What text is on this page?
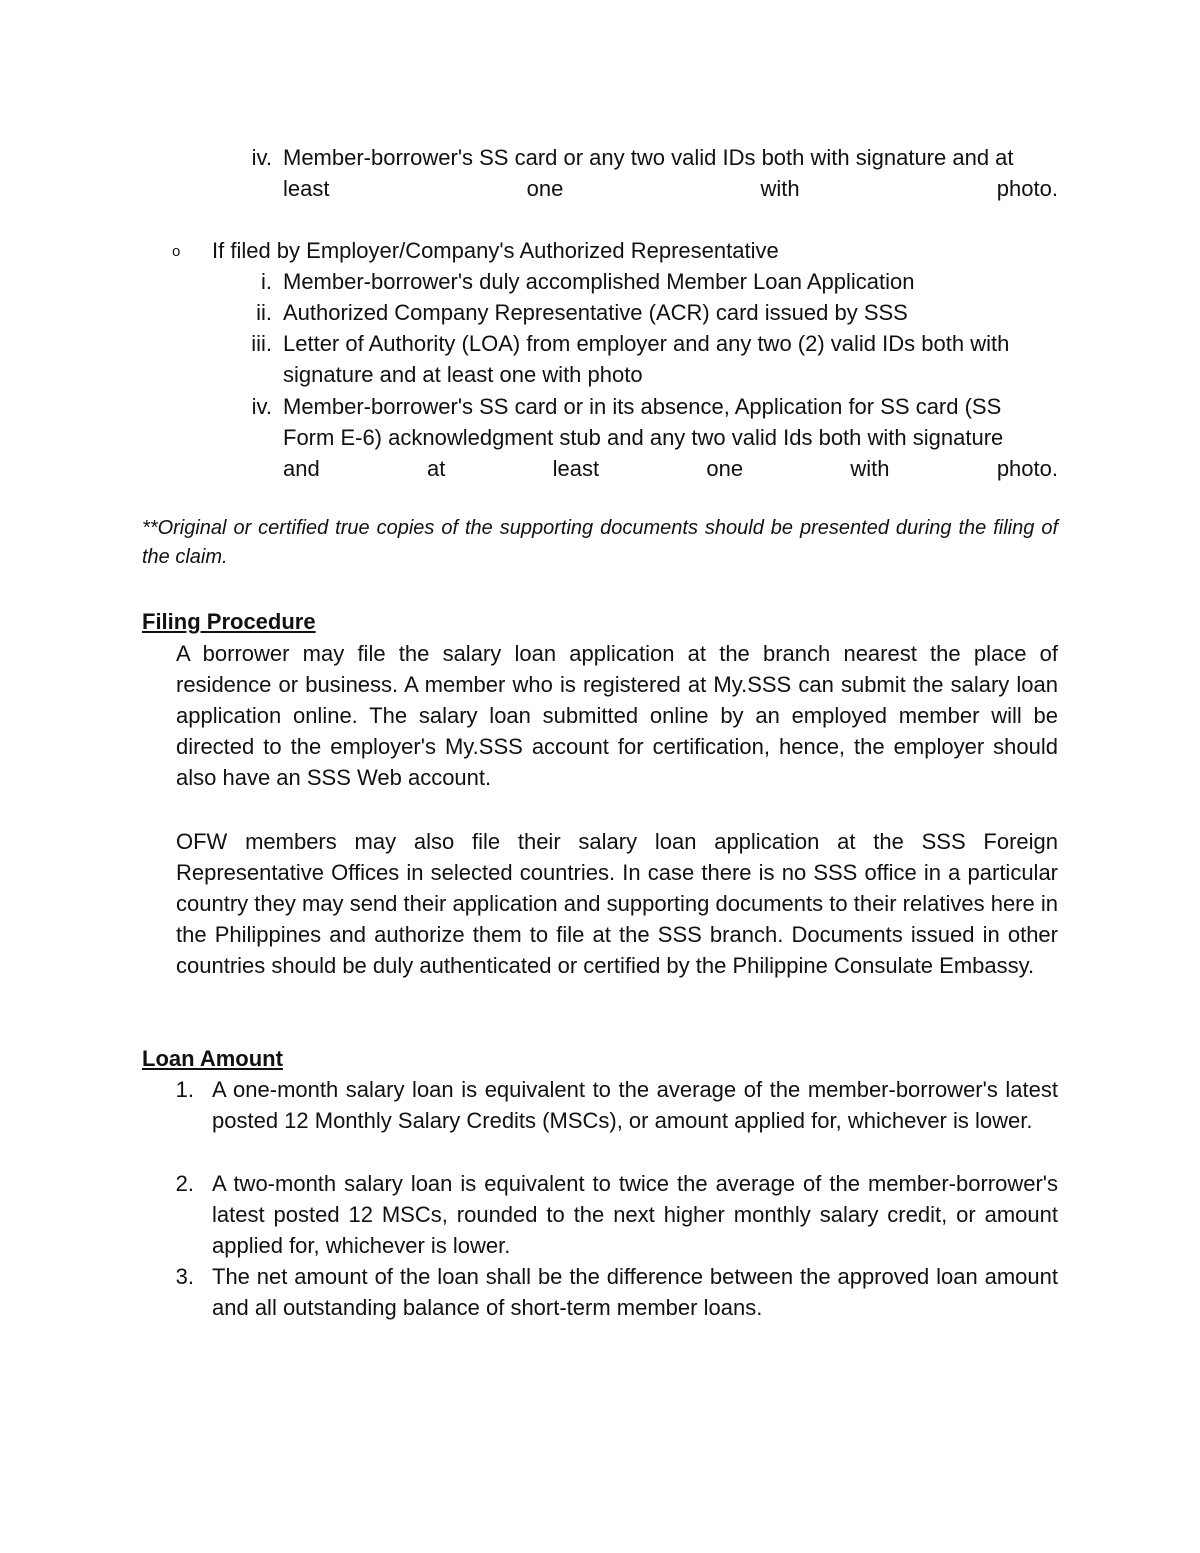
iv. Member-borrower's SS card or any two valid IDs both with signature and at
least	one	with	photo.
o If filed by Employer/Company's Authorized Representative
i. Member-borrower's duly accomplished Member Loan Application
ii. Authorized Company Representative (ACR) card issued by SSS
iii. Letter of Authority (LOA) from employer and any two (2) valid IDs both with
signature and at least one with photo
iv. Member-borrower's SS card or in its absence, Application for SS card (SS
Form E-6) acknowledgment stub and any two valid Ids both with signature
and	at	least	one	with	photo.
**Original or certified true copies of the supporting documents should be presented during the filing of the claim.
Filing Procedure
A borrower may file the salary loan application at the branch nearest the place of residence or business. A member who is registered at My.SSS can submit the salary loan application online. The salary loan submitted online by an employed member will be directed to the employer's My.SSS account for certification, hence, the employer should also have an SSS Web account.
OFW members may also file their salary loan application at the SSS Foreign Representative Offices in selected countries. In case there is no SSS office in a particular country they may send their application and supporting documents to their relatives here in the Philippines and authorize them to file at the SSS branch. Documents issued in other countries should be duly authenticated or certified by the Philippine Consulate Embassy.
Loan Amount
1. A one-month salary loan is equivalent to the average of the member-borrower's latest posted 12 Monthly Salary Credits (MSCs), or amount applied for, whichever is lower.
2. A two-month salary loan is equivalent to twice the average of the member-borrower's latest posted 12 MSCs, rounded to the next higher monthly salary credit, or amount applied for, whichever is lower.
3. The net amount of the loan shall be the difference between the approved loan amount and all outstanding balance of short-term member loans.
